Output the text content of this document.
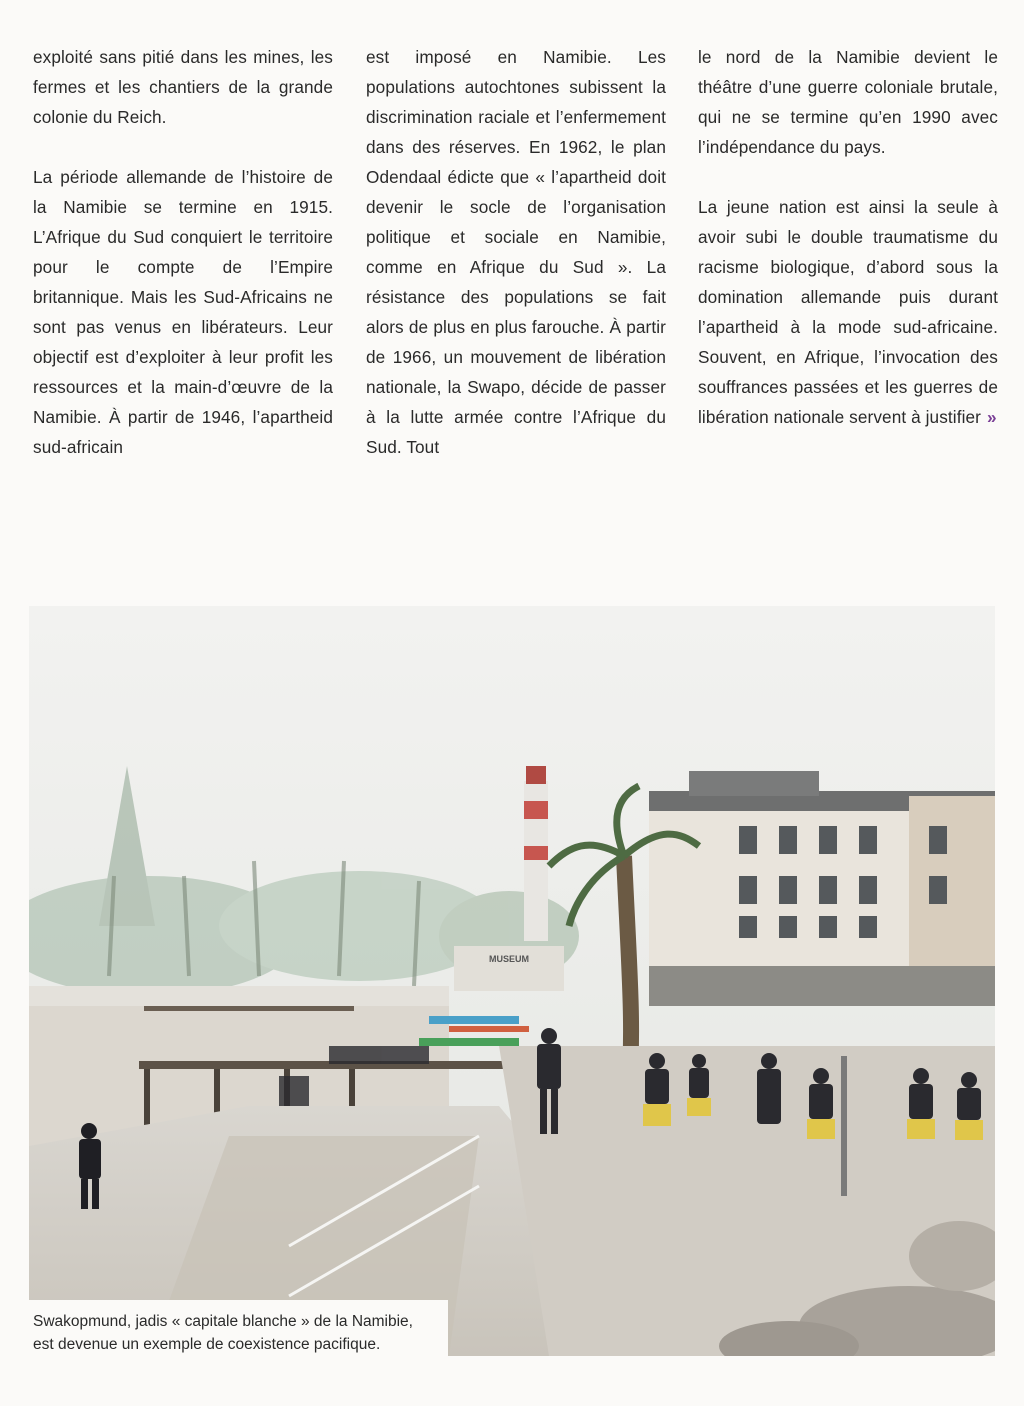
exploité sans pitié dans les mines, les fermes et les chantiers de la grande colonie du Reich.

La période allemande de l’histoire de la Namibie se termine en 1915. L’Afrique du Sud conquiert le territoire pour le compte de l’Empire britannique. Mais les Sud-Africains ne sont pas venus en libérateurs. Leur objectif est d’exploiter à leur profit les ressources et la main-d’œuvre de la Namibie. À partir de 1946, l’apartheid sud-africain

est imposé en Namibie. Les populations autochtones subissent la discrimination raciale et l’enfermement dans des réserves. En 1962, le plan Odendaal édicte que « l’apartheid doit devenir le socle de l’organisation politique et sociale en Namibie, comme en Afrique du Sud ». La résistance des populations se fait alors de plus en plus farouche. À partir de 1966, un mouvement de libération nationale, la Swapo, décide de passer à la lutte armée contre l’Afrique du Sud. Tout

le nord de la Namibie devient le théâtre d’une guerre coloniale brutale, qui ne se termine qu’en 1990 avec l’indépendance du pays.

La jeune nation est ainsi la seule à avoir subi le double traumatisme du racisme biologique, d’abord sous la domination allemande puis durant l’apartheid à la mode sud-africaine. Souvent, en Afrique, l’invocation des souffrances passées et les guerres de libération nationale servent à justifier »

MUSEUM
Swakopmund, jadis « capitale blanche » de la Namibie,
est devenue un exemple de coexistence pacifique.
